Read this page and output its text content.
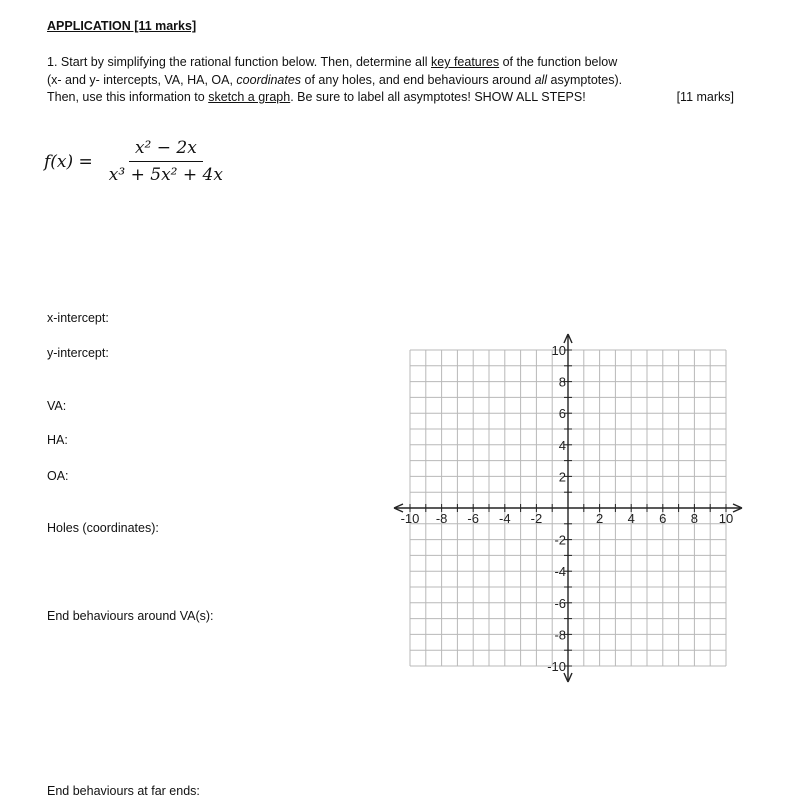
APPLICATION [11 marks]
1. Start by simplifying the rational function below. Then, determine all key features of the function below
(x- and y- intercepts, VA, HA, OA, coordinates of any holes, and end behaviours around all asymptotes).
Then, use this information to sketch a graph. Be sure to label all asymptotes! SHOW ALL STEPS!	[11 marks]
$f(x) = \frac{\text{x² − 2x}}{\text{x³ + 5x² + 4x}}$
x-intercept:
y-intercept:
VA:
HA:
OA:
Holes (coordinates):
End behaviours around VA(s):
End behaviours at far ends:
-10 -8 -6 -4 -2	2 4 6 8 10
10
8
6
4
2
-2
-4
-6
-8
-10
